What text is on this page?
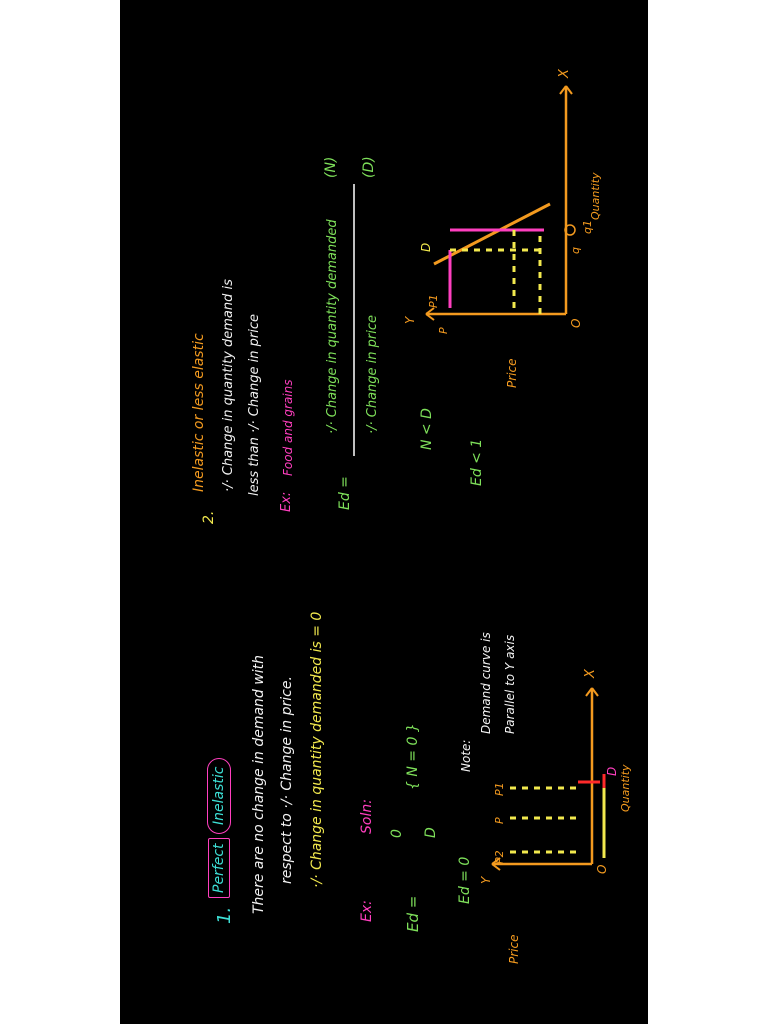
1.
Perfect Inelastic There are no change in demand with respect to ·/· Change in price. ·/· Change in quantity demanded is = 0
Ex:
Soln:
Ed =
0 D
{ N = 0 }
Ed = 0
Note:
Demand curve is Parallel to Y axis
Y
X
O
P2
P
P1
D
Price
Quantity
2.
Inelastic or less elastic ·/· Change in quantity demand is less than ·/· Change in price
Ex:
Food and grains
Ed =
·/· Change in quantity demanded
(N)
·/· Change in price
(D)
N < D
Ed < 1
Y
X
O
P
P1
q
q1
D
Price
Quantity
